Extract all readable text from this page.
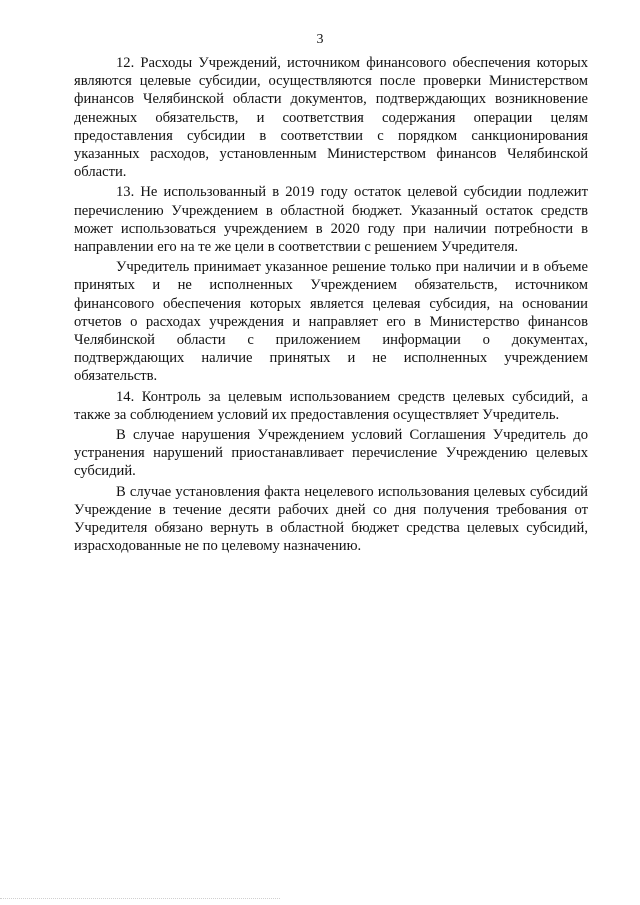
3

12. Расходы Учреждений, источником финансового обеспечения которых являются целевые субсидии, осуществляются после проверки Министерством финансов Челябинской области документов, подтверждающих возникновение денежных обязательств, и соответствия содержания операции целям предоставления субсидии в соответствии с порядком санкционирования указанных расходов, установленным Министерством финансов Челябинской области.

13. Не использованный в 2019 году остаток целевой субсидии подлежит перечислению Учреждением в областной бюджет. Указанный остаток средств может использоваться учреждением в 2020 году при наличии потребности в направлении его на те же цели в соответствии с решением Учредителя.

Учредитель принимает указанное решение только при наличии и в объеме принятых и не исполненных Учреждением обязательств, источником финансового обеспечения которых является целевая субсидия, на основании отчетов о расходах учреждения и направляет его в Министерство финансов Челябинской области с приложением информации о документах, подтверждающих наличие принятых и не исполненных учреждением обязательств.

14. Контроль за целевым использованием средств целевых субсидий, а также за соблюдением условий их предоставления осуществляет Учредитель.

В случае нарушения Учреждением условий Соглашения Учредитель до устранения нарушений приостанавливает перечисление Учреждению целевых субсидий.

В случае установления факта нецелевого использования целевых субсидий Учреждение в течение десяти рабочих дней со дня получения требования от Учредителя обязано вернуть в областной бюджет средства целевых субсидий, израсходованные не по целевому назначению.
